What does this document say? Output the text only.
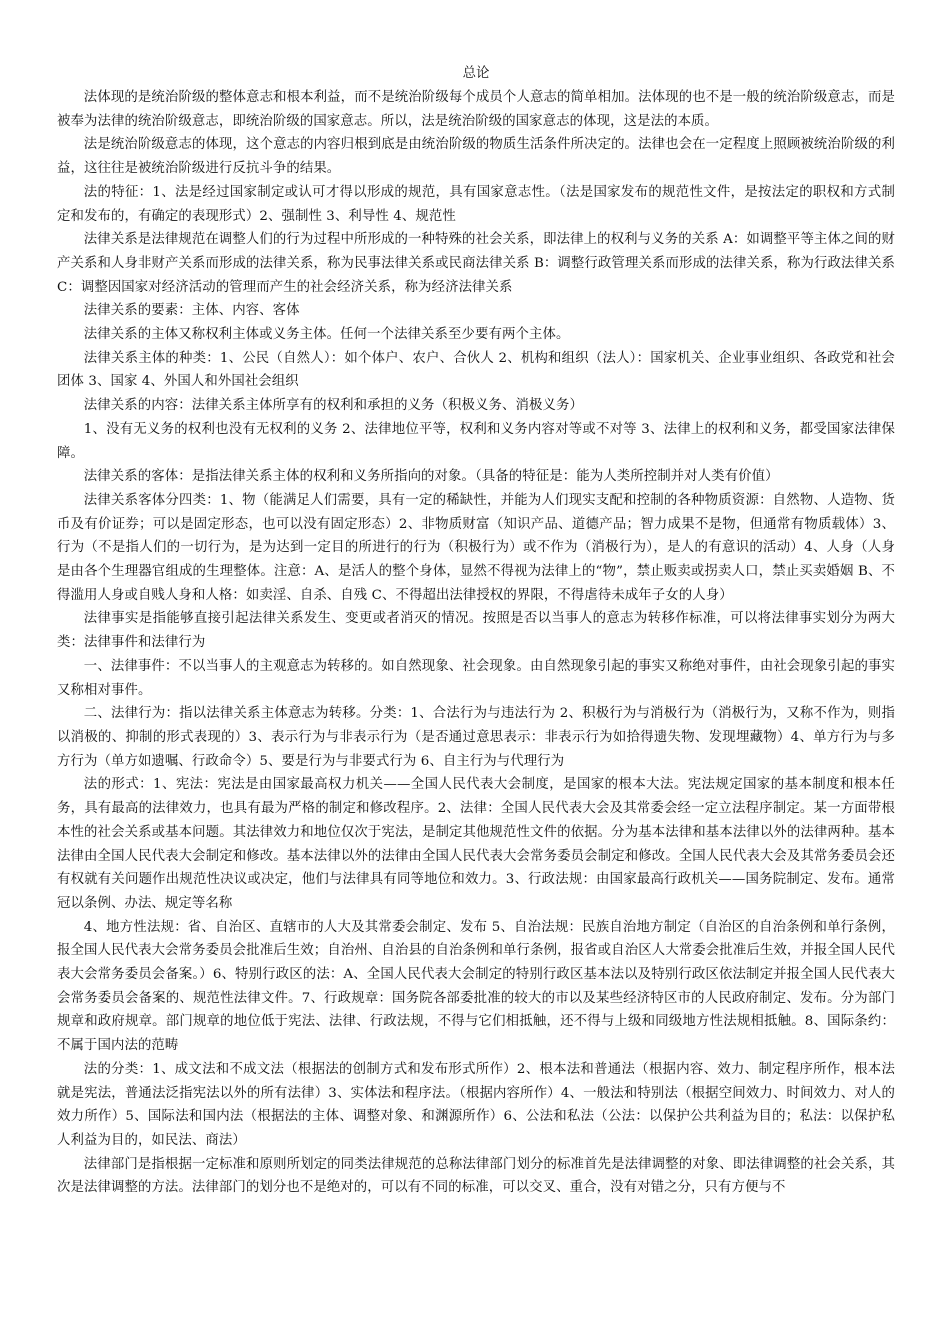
总论

法体现的是统治阶级的整体意志和根本利益，而不是统治阶级每个成员个人意志的简单相加。法体现的也不是一般的统治阶级意志，而是被奉为法律的统治阶级意志，即统治阶级的国家意志。所以，法是统治阶级的国家意志的体现，这是法的本质。

法是统治阶级意志的体现，这个意志的内容归根到底是由统治阶级的物质生活条件所决定的。法律也会在一定程度上照顾被统治阶级的利益，这往往是被统治阶级进行反抗斗争的结果。

法的特征：1、法是经过国家制定或认可才得以形成的规范，具有国家意志性。（法是国家发布的规范性文件，是按法定的职权和方式制定和发布的，有确定的表现形式）2、强制性 3、利导性 4、规范性

法律关系是法律规范在调整人们的行为过程中所形成的一种特殊的社会关系，即法律上的权利与义务的关系 A：如调整平等主体之间的财产关系和人身非财产关系而形成的法律关系，称为民事法律关系或民商法律关系 B：调整行政管理关系而形成的法律关系，称为行政法律关系 C：调整因国家对经济活动的管理而产生的社会经济关系，称为经济法律关系

法律关系的要素：主体、内容、客体

法律关系的主体又称权利主体或义务主体。任何一个法律关系至少要有两个主体。

法律关系主体的种类：1、公民（自然人）：如个体户、农户、合伙人 2、机构和组织（法人）：国家机关、企业事业组织、各政党和社会团体 3、国家 4、外国人和外国社会组织

法律关系的内容：法律关系主体所享有的权利和承担的义务（积极义务、消极义务）

1、没有无义务的权利也没有无权利的义务 2、法律地位平等，权利和义务内容对等或不对等 3、法律上的权利和义务，都受国家法律保障。

法律关系的客体：是指法律关系主体的权利和义务所指向的对象。（具备的特征是：能为人类所控制并对人类有价值）

法律关系客体分四类：1、物（能满足人们需要，具有一定的稀缺性，并能为人们现实支配和控制的各种物质资源：自然物、人造物、货币及有价证券；可以是固定形态，也可以没有固定形态）2、非物质财富（知识产品、道德产品；智力成果不是物，但通常有物质载体）3、行为（不是指人们的一切行为，是为达到一定目的所进行的行为（积极行为）或不作为（消极行为），是人的有意识的活动）4、人身（人身是由各个生理器官组成的生理整体。注意：A、是活人的整个身体，显然不得视为法律上的“物”，禁止贩卖或拐卖人口，禁止买卖婚姻 B、不得滥用人身或自贱人身和人格：如卖淫、自杀、自残 C、不得超出法律授权的界限，不得虐待未成年子女的人身）

法律事实是指能够直接引起法律关系发生、变更或者消灭的情况。按照是否以当事人的意志为转移作标准，可以将法律事实划分为两大类：法律事件和法律行为

一、法律事件：不以当事人的主观意志为转移的。如自然现象、社会现象。由自然现象引起的事实又称绝对事件，由社会现象引起的事实又称相对事件。

二、法律行为：指以法律关系主体意志为转移。分类：1、合法行为与违法行为 2、积极行为与消极行为（消极行为，又称不作为，则指以消极的、抑制的形式表现的）3、表示行为与非表示行为（是否通过意思表示：非表示行为如拾得遗失物、发现埋藏物）4、单方行为与多方行为（单方如遗嘱、行政命令）5、要是行为与非要式行为 6、自主行为与代理行为

法的形式：1、宪法：宪法是由国家最高权力机关——全国人民代表大会制度，是国家的根本大法。宪法规定国家的基本制度和根本任务，具有最高的法律效力，也具有最为严格的制定和修改程序。2、法律：全国人民代表大会及其常委会经一定立法程序制定。某一方面带根本性的社会关系或基本问题。其法律效力和地位仅次于宪法，是制定其他规范性文件的依据。分为基本法律和基本法律以外的法律两种。基本法律由全国人民代表大会制定和修改。基本法律以外的法律由全国人民代表大会常务委员会制定和修改。全国人民代表大会及其常务委员会还有权就有关问题作出规范性决议或决定，他们与法律具有同等地位和效力。3、行政法规：由国家最高行政机关——国务院制定、发布。通常冠以条例、办法、规定等名称

4、地方性法规：省、自治区、直辖市的人大及其常委会制定、发布 5、自治法规：民族自治地方制定（自治区的自治条例和单行条例，报全国人民代表大会常务委员会批准后生效；自治州、自治县的自治条例和单行条例，报省或自治区人大常委会批准后生效，并报全国人民代表大会常务委员会备案。）6、特别行政区的法：A、全国人民代表大会制定的特别行政区基本法以及特别行政区依法制定并报全国人民代表大会常务委员会备案的、规范性法律文件。7、行政规章：国务院各部委批准的较大的市以及某些经济特区市的人民政府制定、发布。分为部门规章和政府规章。部门规章的地位低于宪法、法律、行政法规，不得与它们相抵触，还不得与上级和同级地方性法规相抵触。8、国际条约：不属于国内法的范畴

法的分类：1、成文法和不成文法（根据法的创制方式和发布形式所作）2、根本法和普通法（根据内容、效力、制定程序所作，根本法就是宪法，普通法泛指宪法以外的所有法律）3、实体法和程序法。（根据内容所作）4、一般法和特别法（根据空间效力、时间效力、对人的效力所作）5、国际法和国内法（根据法的主体、调整对象、和渊源所作）6、公法和私法（公法：以保护公共利益为目的；私法：以保护私人利益为目的，如民法、商法）

法律部门是指根据一定标准和原则所划定的同类法律规范的总称法律部门划分的标准首先是法律调整的对象、即法律调整的社会关系，其次是法律调整的方法。法律部门的划分也不是绝对的，可以有不同的标准，可以交叉、重合，没有对错之分，只有方便与不
